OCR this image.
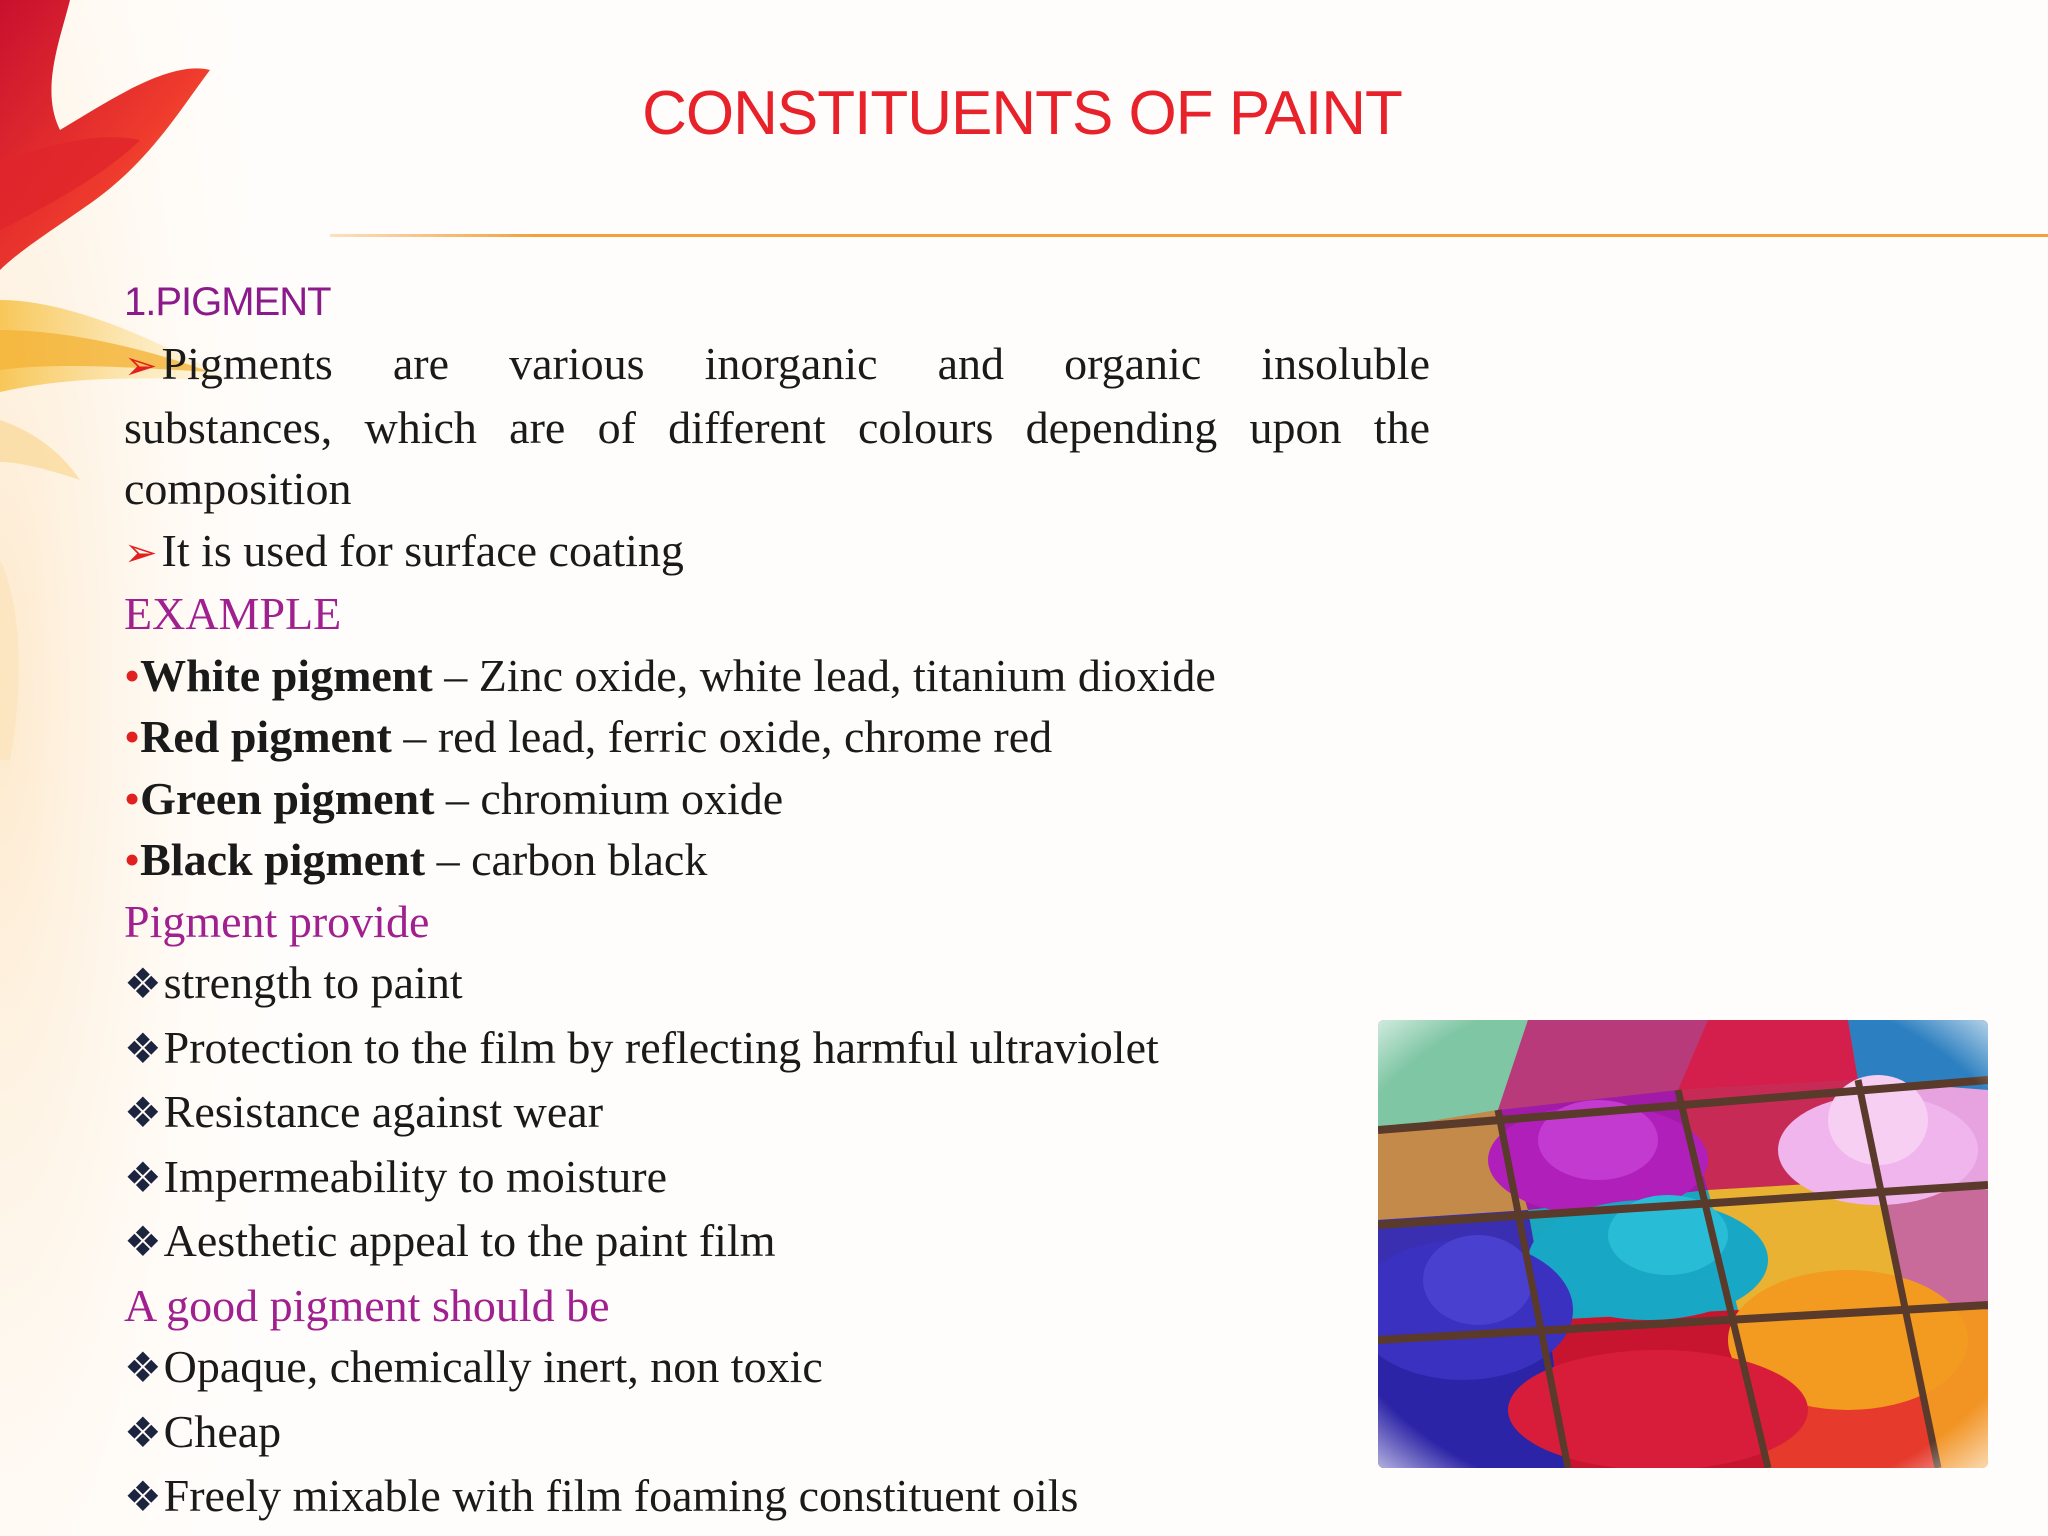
CONSTITUENTS OF PAINT
1.PIGMENT
➢Pigments are various inorganic and organic insoluble
substances, which are of different colours depending upon the composition
➢It is used for surface coating
EXAMPLE
•White pigment – Zinc oxide, white lead, titanium dioxide
•Red pigment – red lead, ferric oxide, chrome red
•Green pigment – chromium oxide
•Black pigment – carbon black
Pigment provide
❖strength to paint
❖Protection to the film by reflecting harmful ultraviolet
❖Resistance against wear
❖Impermeability to moisture
❖Aesthetic appeal to the paint film
A good pigment should be
❖Opaque, chemically inert, non toxic
❖Cheap
❖Freely mixable with film foaming constituent oils
